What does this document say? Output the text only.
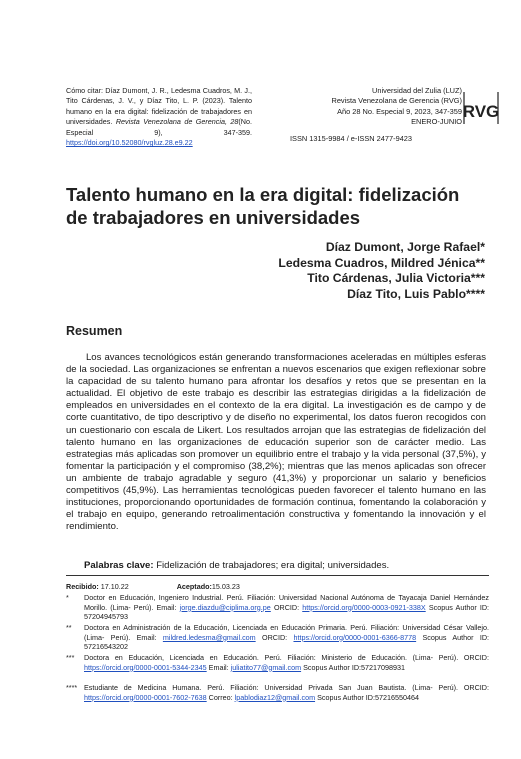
Cómo citar: Díaz Dumont, J. R., Ledesma Cuadros, M. J., Tito Cárdenas, J. V., y Díaz Tito, L. P. (2023). Talento humano en la era digital: fidelización de trabajadores en universidades. Revista Venezolana de Gerencia, 28(No. Especial 9), 347-359. https://doi.org/10.52080/rvgluz.28.e9.22
Universidad del Zulia (LUZ)
Revista Venezolana de Gerencia (RVG)
Año 28 No. Especial 9, 2023, 347-359
ENERO-JUNIO
RVG
ISSN 1315-9984 / e-ISSN 2477-9423
Talento humano en la era digital: fidelización de trabajadores en universidades
Díaz Dumont, Jorge Rafael*
Ledesma Cuadros, Mildred Jénica**
Tito Cárdenas, Julia Victoria***
Díaz Tito, Luis Pablo****
Resumen

Los avances tecnológicos están generando transformaciones aceleradas en múltiples esferas de la sociedad. Las organizaciones se enfrentan a nuevos escenarios que exigen reflexionar sobre la capacidad de su talento humano para afrontar los desafíos y retos que se presentan en la actualidad. El objetivo de este trabajo es describir las estrategias dirigidas a la fidelización de empleados en universidades en el contexto de la era digital. La investigación es de campo y de corte cuantitativo, de tipo descriptivo y de diseño no experimental, los datos fueron recogidos con un cuestionario con escala de Likert. Los resultados arrojan que las estrategias de fidelización del talento humano en las organizaciones de educación superior son de carácter medio. Las estrategias más aplicadas son promover un equilibrio entre el trabajo y la vida personal (37,5%), y fomentar la participación y el compromiso (38,2%); mientras que las menos aplicadas son ofrecer un ambiente de trabajo agradable y seguro (41,3%) y proporcionar un salario y beneficios competitivos (45,9%). Las herramientas tecnológicas pueden favorecer el talento humano en las instituciones, proporcionando oportunidades de formación continua, fomentando la colaboración y el trabajo en equipo, generando retroalimentación constructiva y fomentando la innovación y el rendimiento.

Palabras clave: Fidelización de trabajadores; era digital; universidades.
Recibido: 17.10.22	Aceptado:15.03.23
* Doctor en Educación, Ingeniero Industrial. Perú. Filiación: Universidad Nacional Autónoma de Tayacaja Daniel Hernández Morillo. (Lima- Perú). Email: jorge.diazdu@ciplima.org.pe ORCID: https://orcid.org/0000-0003-0921-338X Scopus Author ID: 57204945793
** Doctora en Administración de la Educación, Licenciada en Educación Primaria. Perú. Filiación: Universidad César Vallejo. (Lima- Perú). Email: mildred.ledesma@gmail.com ORCID: https://orcid.org/0000-0001-6366-8778 Scopus Author ID: 57216543202
*** Doctora en Educación, Licenciada en Educación. Perú. Filiación: Ministerio de Educación. (Lima- Perú). ORCID: https://orcid.org/0000-0001-5344-2345 Email: juliatito77@gmail.com Scopus Author ID:57217098931
**** Estudiante de Medicina Humana. Perú. Filiación: Universidad Privada San Juan Bautista. (Lima- Perú). ORCID: https://orcid.org/0000-0001-7602-7638 Correo: lpablodiaz12@gmail.com Scopus Author ID:57216550464
